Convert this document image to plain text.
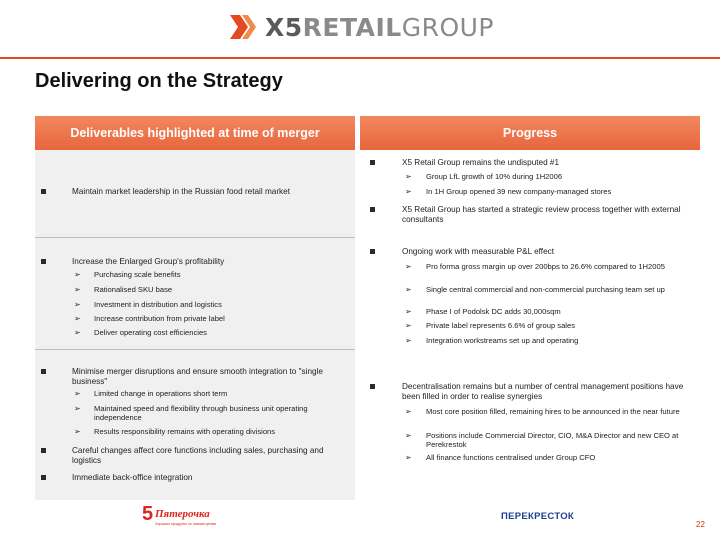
X5RETAILGROUP
Delivering on the Strategy
Deliverables highlighted at time of merger	Progress
Maintain market leadership in the Russian food retail market
Increase the Enlarged Group's profitability
➢ Purchasing scale benefits
➢ Rationalised SKU base
➢ Investment in distribution and logistics
➢ Increase contribution from private label
➢ Deliver operating cost efficiencies
Minimise merger disruptions and ensure smooth integration to "single business"
➢ Limited change in operations short term
➢ Maintained speed and flexibility through business unit operating independence
➢ Results responsibility remains with operating divisions
Careful changes affect core functions including sales, purchasing and logistics
Immediate back-office integration
X5 Retail Group remains the undisputed #1
➢ Group LfL growth of 10% during 1H2006
➢ In 1H Group opened 39 new company-managed stores
X5 Retail Group has started a strategic review process together with external consultants
Ongoing work with measurable P&L effect
➢ Pro forma gross margin up over 200bps to 26.6% compared to 1H2005
➢ Single central commercial and non-commercial purchasing team set up
➢ Phase I of Podolsk DC adds 30,000sqm
➢ Private label represents 6.6% of group sales
➢ Integration workstreams set up and operating
Decentralisation remains but a number of central management positions have been filled in order to realise synergies
➢ Most core position filled, remaining hires to be announced in the near future
➢ Positions include Commercial Director, CIO, M&A Director and new CEO at Perekrestok
➢ All finance functions centralised under Group CFO
5 Пятерочка
Хорошие продукты по низким ценам
ПЕРЕКРЕСТОК
22
